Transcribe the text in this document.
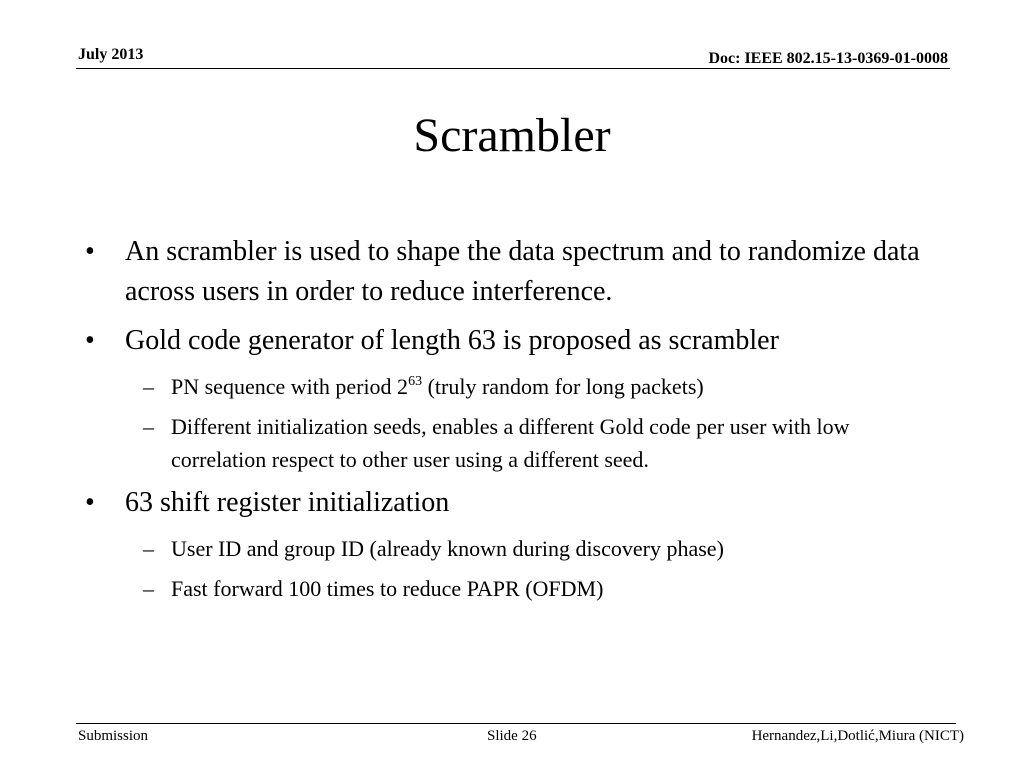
July 2013	Doc: IEEE 802.15-13-0369-01-0008
Scrambler
• An scrambler is used to shape the data spectrum and to randomize data across users in order to reduce interference.
• Gold code generator of length 63 is proposed as scrambler
– PN sequence with period $2^{63}$ (truly random for long packets)
– Different initialization seeds, enables a different Gold code per user with low correlation respect to other user using a different seed.
• 63 shift register initialization
– User ID and group ID (already known during discovery phase)
– Fast forward 100 times to reduce PAPR (OFDM)
Submission	Slide 26	Hernandez,Li,Dotlić,Miura (NICT)
